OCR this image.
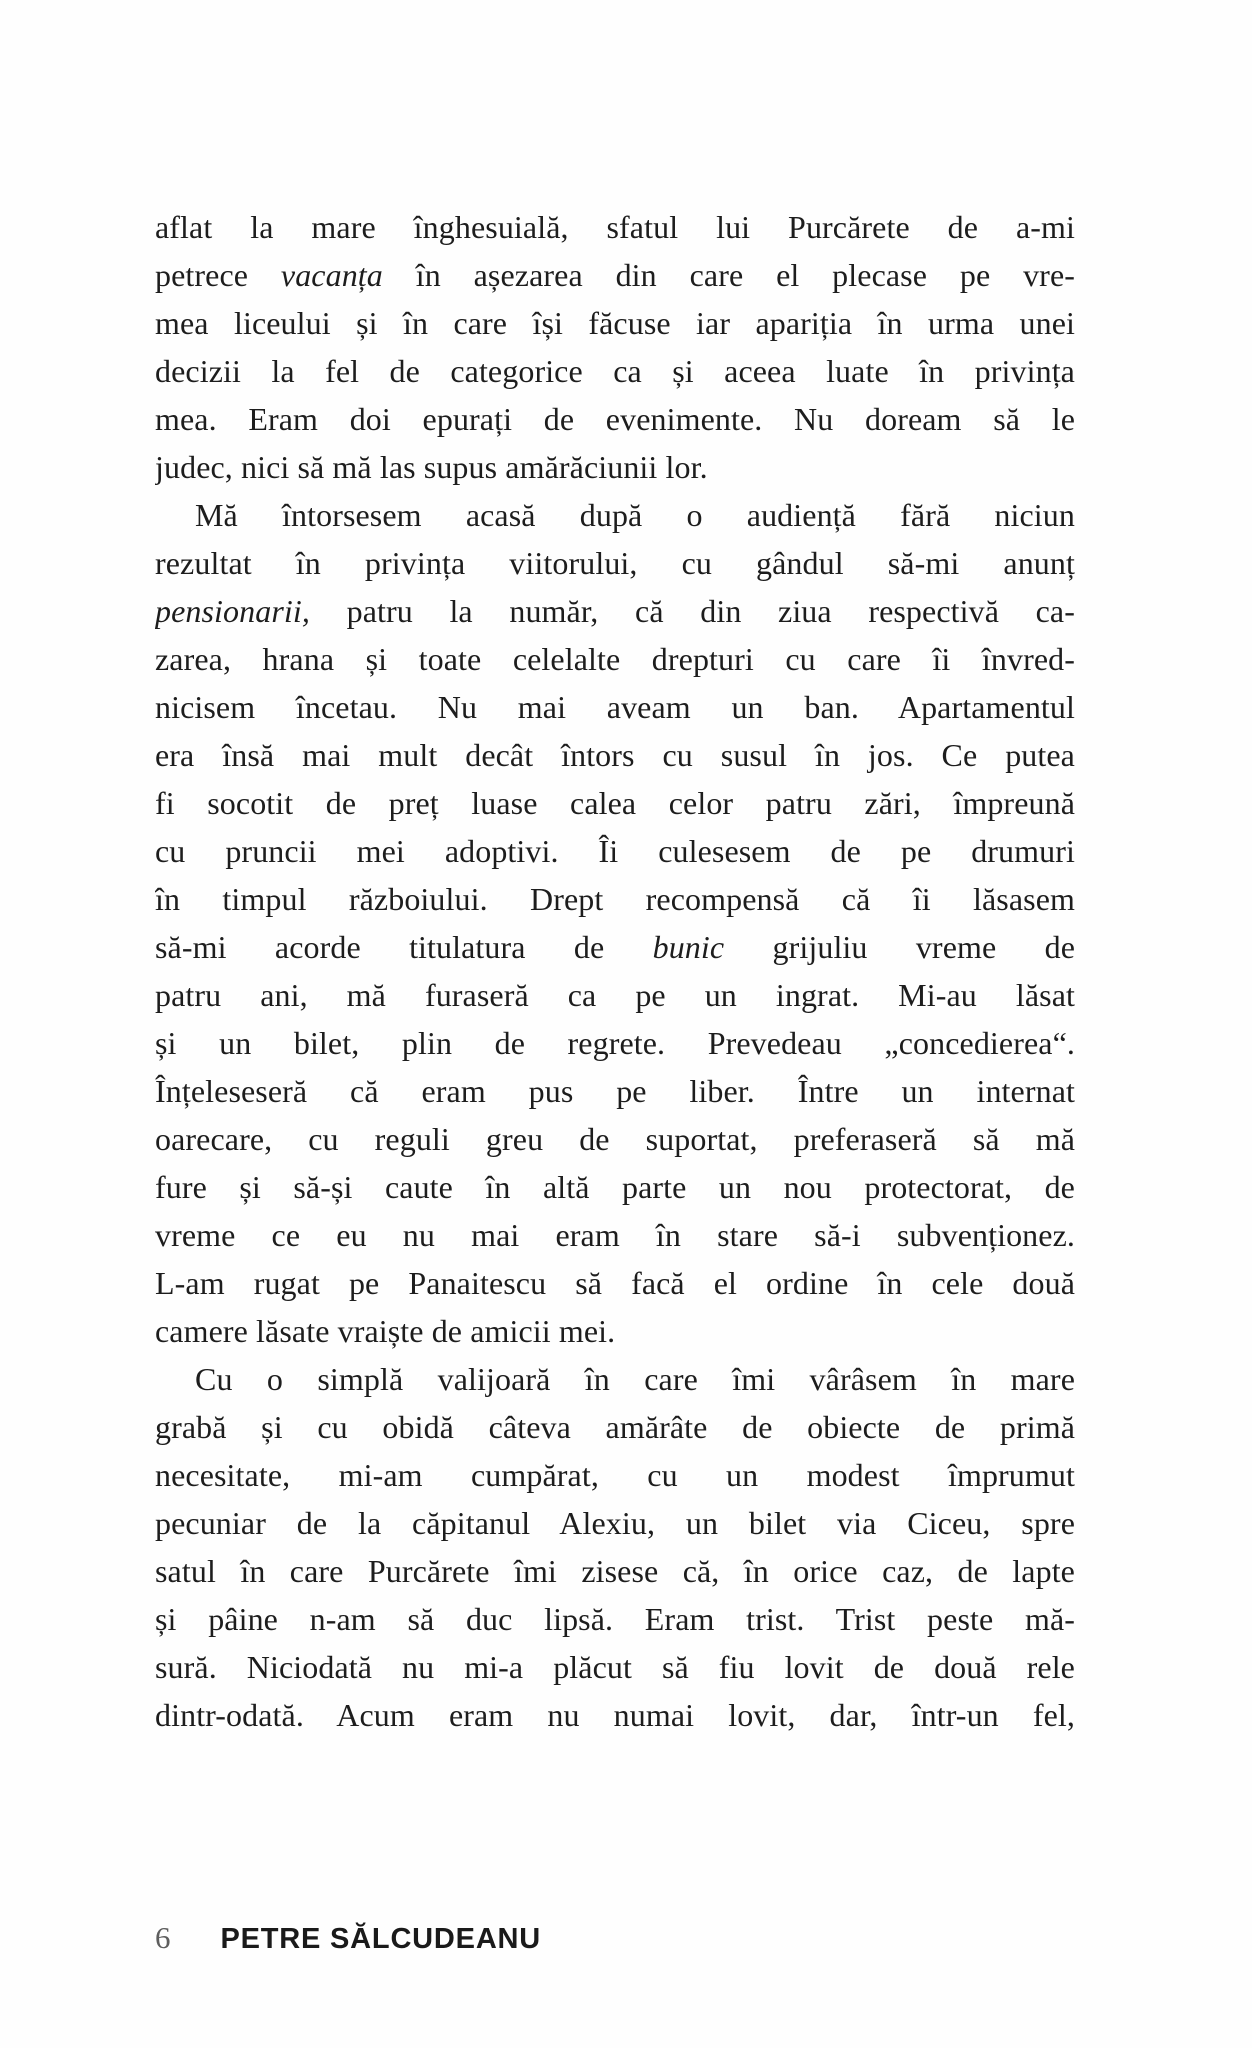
aflat la mare înghesuială, sfatul lui Purcărete de a-mi
petrece vacanța în așezarea din care el plecase pe vre-
mea liceului și în care își făcuse iar apariția în urma unei
decizii la fel de categorice ca și aceea luate în privința
mea. Eram doi epurați de evenimente. Nu doream să le
judec, nici să mă las supus amărăciunii lor.
Mă întorsesem acasă după o audiență fără niciun
rezultat în privința viitorului, cu gândul să-mi anunț
pensionarii, patru la număr, că din ziua respectivă ca-
zarea, hrana și toate celelalte drepturi cu care îi învred-
nicisem încetau. Nu mai aveam un ban. Apartamentul
era însă mai mult decât întors cu susul în jos. Ce putea
fi socotit de preț luase calea celor patru zări, împreună
cu pruncii mei adoptivi. Îi culesesem de pe drumuri
în timpul războiului. Drept recompensă că îi lăsasem
să-mi acorde titulatura de bunic grijuliu vreme de
patru ani, mă furaseră ca pe un ingrat. Mi-au lăsat
și un bilet, plin de regrete. Prevedeau „concedierea“.
Înțeleseseră că eram pus pe liber. Între un internat
oarecare, cu reguli greu de suportat, preferaseră să mă
fure și să-și caute în altă parte un nou protectorat, de
vreme ce eu nu mai eram în stare să-i subvenționez.
L-am rugat pe Panaitescu să facă el ordine în cele două
camere lăsate vraiște de amicii mei.
Cu o simplă valijoară în care îmi vârâsem în mare
grabă și cu obidă câteva amărâte de obiecte de primă
necesitate, mi-am cumpărat, cu un modest împrumut
pecuniar de la căpitanul Alexiu, un bilet via Ciceu, spre
satul în care Purcărete îmi zisese că, în orice caz, de lapte
și pâine n-am să duc lipsă. Eram trist. Trist peste mă-
sură. Niciodată nu mi-a plăcut să fiu lovit de două rele
dintr-odată. Acum eram nu numai lovit, dar, într-un fel,
6 PETRE SĂLCUDEANU
